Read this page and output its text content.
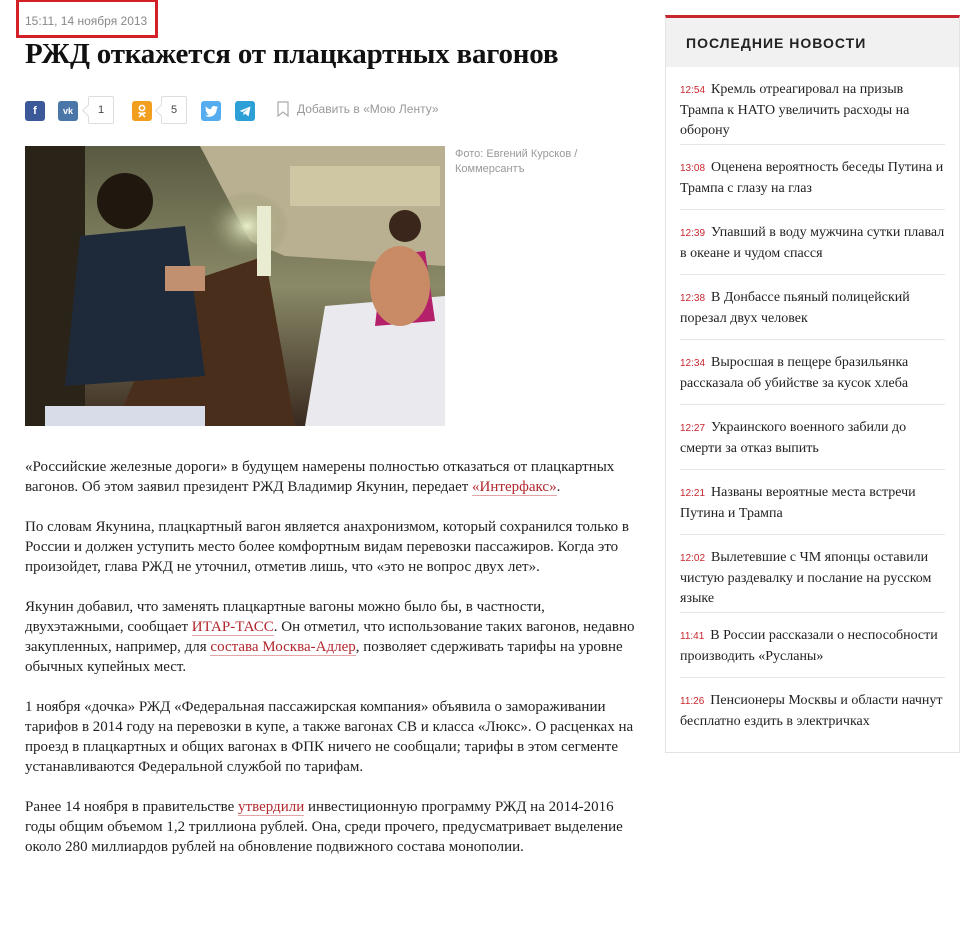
15:11, 14 ноября 2013
РЖД откажется от плацкартных вагонов
f	vk 1	5	Добавить в «Мою Ленту»
Фото: Евгений Курсков / Коммерсантъ

«Российские железные дороги» в будущем намерены полностью отказаться от плацкартных вагонов. Об этом заявил президент РЖД Владимир Якунин, передает «Интерфакс».

По словам Якунина, плацкартный вагон является анахронизмом, который сохранился только в России и должен уступить место более комфортным видам перевозки пассажиров. Когда это произойдет, глава РЖД не уточнил, отметив лишь, что «это не вопрос двух лет».

Якунин добавил, что заменять плацкартные вагоны можно было бы, в частности, двухэтажными, сообщает ИТАР-ТАСС. Он отметил, что использование таких вагонов, недавно закупленных, например, для состава Москва-Адлер, позволяет сдерживать тарифы на уровне обычных купейных мест.

1 ноября «дочка» РЖД «Федеральная пассажирская компания» объявила о замораживании тарифов в 2014 году на перевозки в купе, а также вагонах СВ и класса «Люкс». О расценках на проезд в плацкартных и общих вагонах в ФПК ничего не сообщали; тарифы в этом сегменте устанавливаются Федеральной службой по тарифам.

Ранее 14 ноября в правительстве утвердили инвестиционную программу РЖД на 2014-2016 годы общим объемом 1,2 триллиона рублей. Она, среди прочего, предусматривает выделение около 280 миллиардов рублей на обновление подвижного состава монополии.

ПОСЛЕДНИЕ НОВОСТИ
12:54 Кремль отреагировал на призыв Трампа к НАТО увеличить расходы на оборону
13:08 Оценена вероятность беседы Путина и Трампа с глазу на глаз
12:39 Упавший в воду мужчина сутки плавал в океане и чудом спасся
12:38 В Донбассе пьяный полицейский порезал двух человек
12:34 Выросшая в пещере бразильянка рассказала об убийстве за кусок хлеба
12:27 Украинского военного забили до смерти за отказ выпить
12:21 Названы вероятные места встречи Путина и Трампа
12:02 Вылетевшие с ЧМ японцы оставили чистую раздевалку и послание на русском языке
11:41 В России рассказали о неспособности производить «Русланы»
11:26 Пенсионеры Москвы и области начнут бесплатно ездить в электричках
